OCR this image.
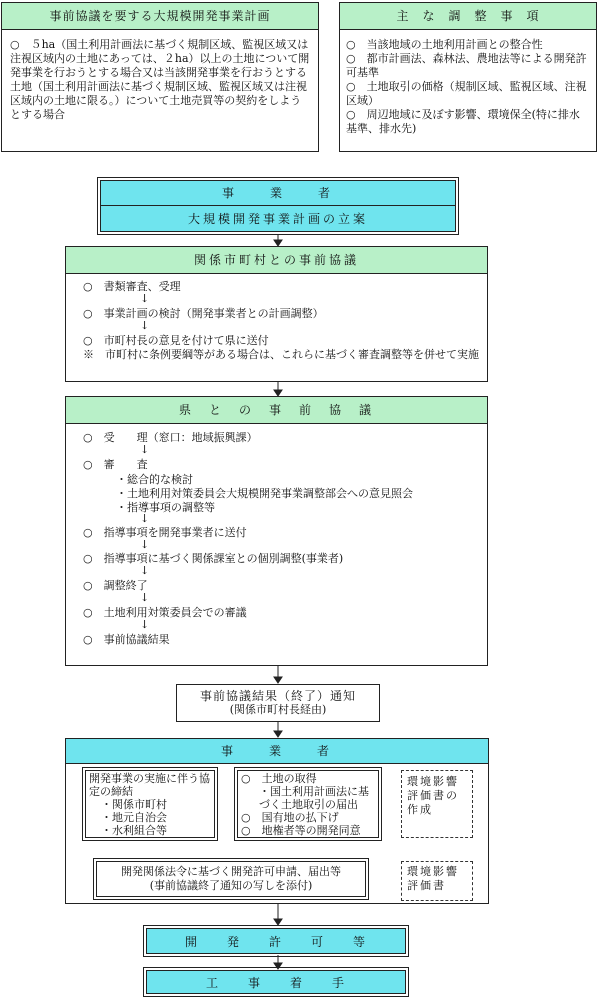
事前協議を要する大規模開発事業計画
○　５ha（国土利用計画法に基づく規制区域、監視区域又は注視区域内の土地にあっては、２ha）以上の土地について開発事業を行おうとする場合又は当該開発事業を行おうとする土地（国土利用計画法に基づく規制区域、監視区域又は注視区域内の土地に限る。）について土地売買等の契約をしようとする場合
主　な　調　整　事　項
○　当該地域の土地利用計画との整合性
○　都市計画法、森林法、農地法等による開発許可基準
○　土地取引の価格（規制区域、監視区域、注視区域）
○　周辺地域に及ぼす影響、環境保全(特に排水基準、排水先)
事　　業　　者
大規模開発事業計画の立案
関係市町村との事前協議
○　書類審査、受理
↓
○　事業計画の検討（開発事業者との計画調整）
↓
○　市町村長の意見を付けて県に送付
※　市町村に条例要綱等がある場合は、これらに基づく審査調整等を併せて実施
県　と　の　事　前　協　議
○　受　　理（窓口：地域振興課）
↓
○　審　　査
・総合的な検討
・土地利用対策委員会大規模開発事業調整部会への意見照会
・指導事項の調整等
↓
○　指導事項を開発事業者に送付
↓
○　指導事項に基づく関係課室との個別調整(事業者)
↓
○　調整終了
↓
○　土地利用対策委員会での審議
↓
○　事前協議結果
事前協議結果（終了）通知
(関係市町村長経由)
事　　業　　者
開発事業の実施に伴う協定の締結
・関係市町村
・地元自治会
・水利組合等
○　土地の取得
・国土利用計画法に基づく土地取引の届出
○　国有地の払下げ
○　地権者等の開発同意
環境影響評価書の作成
開発関係法令に基づく開発許可申請、届出等
(事前協議終了通知の写しを添付)
環境影響評価書
開　　発　　許　　可　　等
工　　事　　着　　手
